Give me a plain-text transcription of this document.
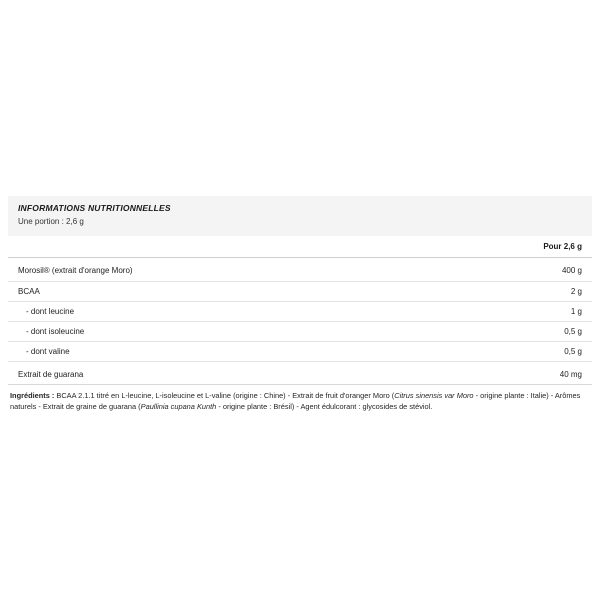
INFORMATIONS NUTRITIONNELLES
Une portion : 2,6 g
Pour 2,6 g
Morosil® (extrait d'orange Moro)	400 g
BCAA	2 g
- dont leucine	1 g
- dont isoleucine	0,5 g
- dont valine	0,5 g
Extrait de guarana	40 mg
Ingrédients : BCAA 2.1.1 titré en L-leucine, L-isoleucine et L-valine (origine : Chine) - Extrait de fruit d'oranger Moro (Citrus sinensis var Moro - origine plante : Italie) - Arômes naturels - Extrait de graine de guarana (Paullinia cupana Kunth - origine plante : Brésil) - Agent édulcorant : glycosides de stéviol.
